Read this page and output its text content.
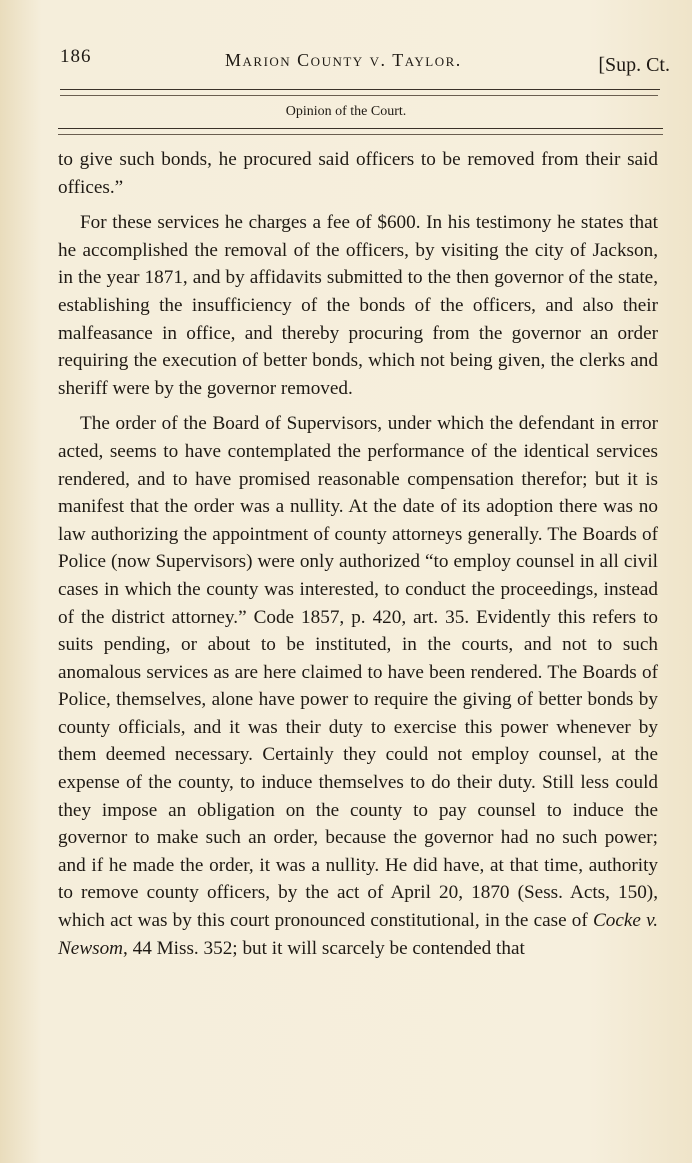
186	Marion County v. Taylor.	[Sup. Ct.
Opinion of the Court.

to give such bonds, he procured said officers to be removed from their said offices.”

For these services he charges a fee of $600. In his testimony he states that he accomplished the removal of the officers, by visiting the city of Jackson, in the year 1871, and by affidavits submitted to the then governor of the state, establishing the insufficiency of the bonds of the officers, and also their malfeasance in office, and thereby procuring from the governor an order requiring the execution of better bonds, which not being given, the clerks and sheriff were by the governor removed.

The order of the Board of Supervisors, under which the defendant in error acted, seems to have contemplated the performance of the identical services rendered, and to have promised reasonable compensation therefor; but it is manifest that the order was a nullity. At the date of its adoption there was no law authorizing the appointment of county attorneys generally. The Boards of Police (now Supervisors) were only authorized “to employ counsel in all civil cases in which the county was interested, to conduct the proceedings, instead of the district attorney.” Code 1857, p. 420, art. 35. Evidently this refers to suits pending, or about to be instituted, in the courts, and not to such anomalous services as are here claimed to have been rendered. The Boards of Police, themselves, alone have power to require the giving of better bonds by county officials, and it was their duty to exercise this power whenever by them deemed necessary. Certainly they could not employ counsel, at the expense of the county, to induce themselves to do their duty. Still less could they impose an obligation on the county to pay counsel to induce the governor to make such an order, because the governor had no such power; and if he made the order, it was a nullity. He did have, at that time, authority to remove county officers, by the act of April 20, 1870 (Sess. Acts, 150), which act was by this court pronounced constitutional, in the case of Cocke v. Newsom, 44 Miss. 352; but it will scarcely be contended that
